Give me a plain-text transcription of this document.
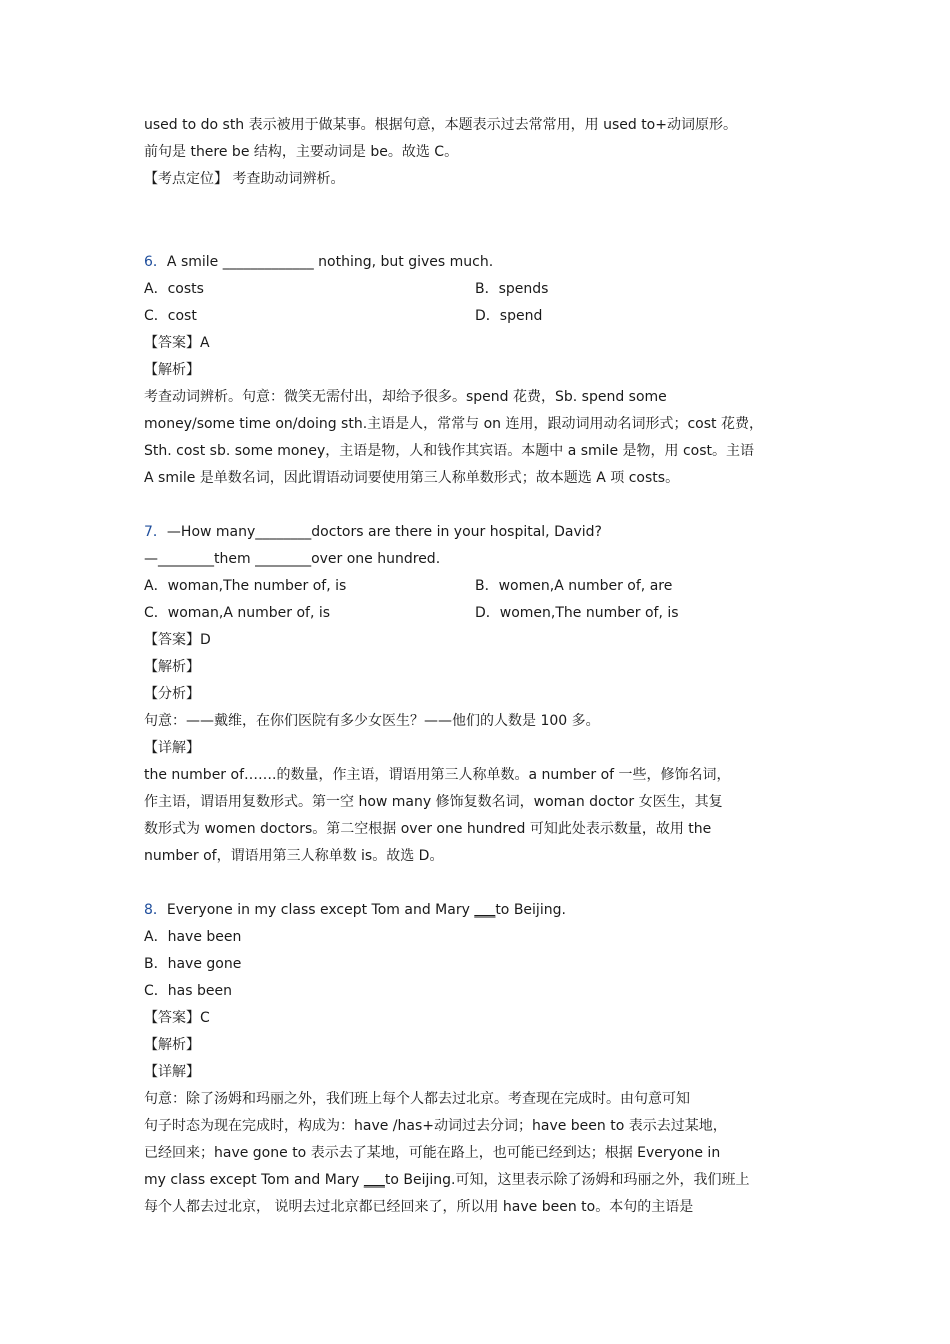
used to do sth 表示被用于做某事。根据句意，本题表示过去常常用，用 used to+动词原形。
前句是 there be 结构，主要动词是 be。故选 C。
【考点定位】 考查助动词辨析。
6．A smile _____________ nothing, but gives much.
A．costs	B．spends
C．cost	D．spend
【答案】A
【解析】
考查动词辨析。句意：微笑无需付出，却给予很多。spend 花费，Sb. spend some
money/some time on/doing sth.主语是人，常常与 on 连用，跟动词用动名词形式；cost 花费，
Sth. cost sb. some money，主语是物，人和钱作其宾语。本题中 a smile 是物，用 cost。主语
A smile 是单数名词，因此谓语动词要使用第三人称单数形式；故本题选 A 项 costs。
7．—How many________doctors are there in your hospital, David?
—________them ________over one hundred.
A．woman,The number of, is	B．women,A number of, are
C．woman,A number of, is	D．women,The number of, is
【答案】D
【解析】
【分析】
句意：——戴维，在你们医院有多少女医生？——他们的人数是 100 多。
【详解】
the number of…….的数量，作主语，谓语用第三人称单数。a number of 一些，修饰名词，
作主语，谓语用复数形式。第一空 how many 修饰复数名词，woman doctor 女医生，其复
数形式为 women doctors。第二空根据 over one hundred 可知此处表示数量，故用 the
number of，谓语用第三人称单数 is。故选 D。
8．Everyone in my class except Tom and Mary ___to Beijing.
A．have been
B．have gone
C．has been
【答案】C
【解析】
【详解】
句意：除了汤姆和玛丽之外，我们班上每个人都去过北京。考查现在完成时。由句意可知
句子时态为现在完成时，构成为：have /has+动词过去分词；have been to 表示去过某地，
已经回来；have gone to 表示去了某地，可能在路上，也可能已经到达；根据 Everyone in
my class except Tom and Mary ___to Beijing.可知，这里表示除了汤姆和玛丽之外，我们班上
每个人都去过北京， 说明去过北京都已经回来了，所以用 have been to。本句的主语是
